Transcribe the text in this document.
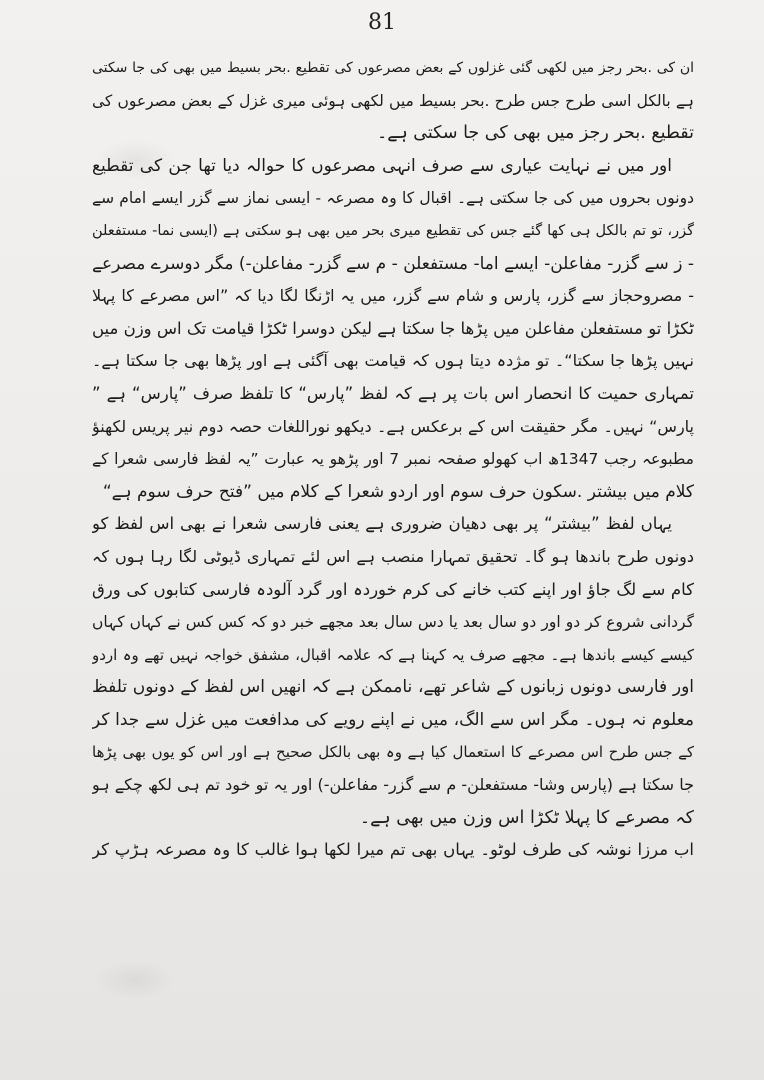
81
ان کی .بحر رجز میں لکھی گئی غزلوں کے بعض مصرعوں کی تقطیع .بحر بسیط میں بھی کی جا سکتی
ہے بالکل اسی طرح جس طرح .بحر بسیط میں لکھی ہوئی میری غزل کے بعض مصرعوں کی
تقطیع .بحر رجز میں بھی کی جا سکتی ہے۔
اور میں نے نہایت عیاری سے صرف انہی مصرعوں کا حوالہ دیا تھا جن کی تقطیع
دونوں بحروں میں کی جا سکتی ہے۔ اقبال کا وہ مصرعہ - ایسی نماز سے گزر ایسے امام سے
گزر، تو تم بالکل ہی کھا گئے جس کی تقطیع میری بحر میں بھی ہو سکتی ہے (ایسی نما- مستفعلن
- ز سے گزر- مفاعلن- ایسے اما- مستفعلن - م سے گزر- مفاعلن-) مگر دوسرے مصرعے
- مصروحجاز سے گزر، پارس و شام سے گزر، میں یہ اڑنگا لگا دیا کہ ”اس مصرعے کا پہلا
ٹکڑا تو مستفعلن مفاعلن میں پڑھا جا سکتا ہے لیکن دوسرا ٹکڑا قیامت تک اس وزن میں
نہیں پڑھا جا سکتا“۔ تو مژدہ دیتا ہوں کہ قیامت بھی آگئی ہے اور پڑھا بھی جا سکتا ہے۔
تمہاری حمیت کا انحصار اس بات پر ہے کہ لفظ ”پارس“ کا تلفظ صرف ”پارس“ ہے ”
پارس“ نہیں۔ مگر حقیقت اس کے برعکس ہے۔ دیکھو نوراللغات حصہ دوم نیر پریس لکھنؤ
مطبوعہ رجب 1347ھ اب کھولو صفحہ نمبر 7 اور پڑھو یہ عبارت ”یہ لفظ فارسی شعرا کے
کلام میں بیشتر .سکون حرف سوم اور اردو شعرا کے کلام میں ”فتح حرف سوم ہے“
یہاں لفظ ”بیشتر“ پر بھی دھیان ضروری ہے یعنی فارسی شعرا نے بھی اس لفظ کو
دونوں طرح باندھا ہو گا۔ تحقیق تمہارا منصب ہے اس لئے تمہاری ڈیوٹی لگا رہا ہوں کہ
کام سے لگ جاؤ اور اپنے کتب خانے کی کرم خوردہ اور گرد آلودہ فارسی کتابوں کی ورق
گردانی شروع کر دو اور دو سال بعد یا دس سال بعد مجھے خبر دو کہ کس کس نے کہاں کہاں
کیسے کیسے باندھا ہے۔ مجھے صرف یہ کہنا ہے کہ علامہ اقبال، مشفق خواجہ نہیں تھے وہ اردو
اور فارسی دونوں زبانوں کے شاعر تھے، ناممکن ہے کہ انھیں اس لفظ کے دونوں تلفظ
معلوم نہ ہوں۔ مگر اس سے الگ، میں نے اپنے رویے کی مدافعت میں غزل سے جدا کر
کے جس طرح اس مصرعے کا استعمال کیا ہے وہ بھی بالکل صحیح ہے اور اس کو یوں بھی پڑھا
جا سکتا ہے (پارس وشا- مستفعلن- م سے گزر- مفاعلن-) اور یہ تو خود تم ہی لکھ چکے ہو
کہ مصرعے کا پہلا ٹکڑا اس وزن میں بھی ہے۔
اب مرزا نوشہ کی طرف لوٹو۔ یہاں بھی تم میرا لکھا ہوا غالب کا وہ مصرعہ ہڑپ کر
